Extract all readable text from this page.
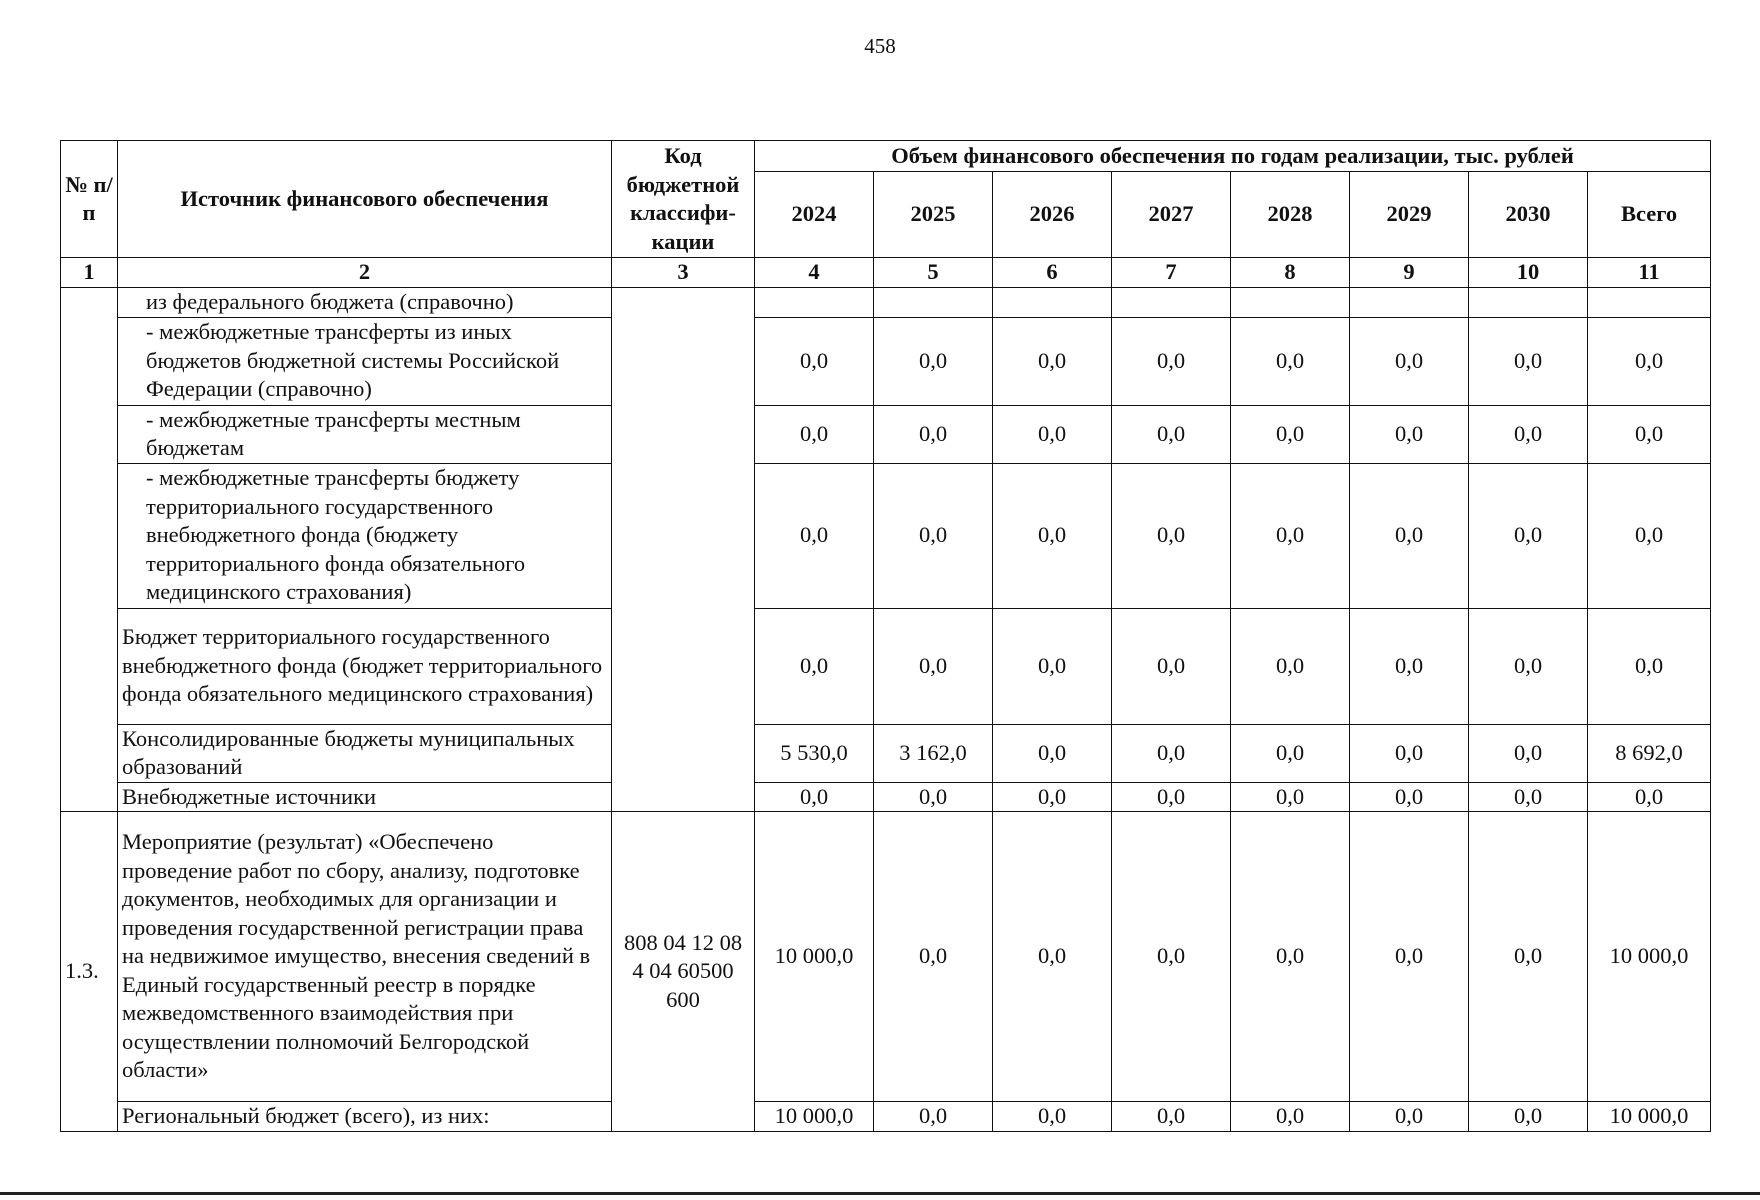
458
№ п/п	Источник финансового обеспечения	Код бюджетной классифи-кации	Объем финансового обеспечения по годам реализации, тыс. рублей							
			2024	2025	2026	2027	2028	2029	2030	Всего
1	2	3	4	5	6	7	8	9	10	11
	из федерального бюджета (справочно)									
	- межбюджетные трансферты из иных бюджетов бюджетной системы Российской Федерации (справочно)		0,0	0,0	0,0	0,0	0,0	0,0	0,0	0,0
	- межбюджетные трансферты местным бюджетам		0,0	0,0	0,0	0,0	0,0	0,0	0,0	0,0
	- межбюджетные трансферты бюджету территориального государственного внебюджетного фонда (бюджету территориального фонда обязательного медицинского страхования)		0,0	0,0	0,0	0,0	0,0	0,0	0,0	0,0
	Бюджет территориального государственного внебюджетного фонда (бюджет территориального фонда обязательного медицинского страхования)		0,0	0,0	0,0	0,0	0,0	0,0	0,0	0,0
	Консолидированные бюджеты муниципальных образований		5 530,0	3 162,0	0,0	0,0	0,0	0,0	0,0	8 692,0
	Внебюджетные источники		0,0	0,0	0,0	0,0	0,0	0,0	0,0	0,0
1.3.	Мероприятие (результат) «Обеспечено проведение работ по сбору, анализу, подготовке документов, необходимых для организации и проведения государственной регистрации права на недвижимое имущество, внесения сведений в Единый государственный реестр в порядке межведомственного взаимодействия при осуществлении полномочий Белгородской области»	808 04 12 08 4 04 60500 600	10 000,0	0,0	0,0	0,0	0,0	0,0	0,0	10 000,0
	Региональный бюджет (всего), из них:		10 000,0	0,0	0,0	0,0	0,0	0,0	0,0	10 000,0
